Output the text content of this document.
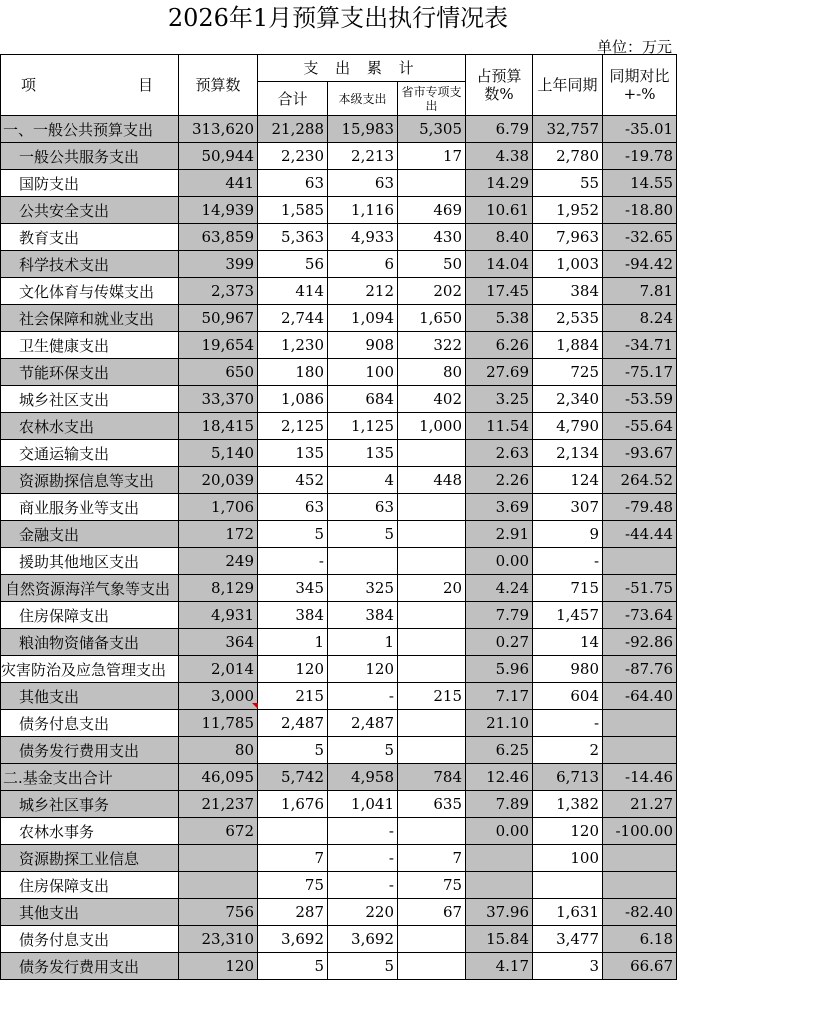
2026年1月预算支出执行情况表
单位：万元
项 目	预算数	支 出 累 计			占预算数%	上年同期	同期对比+-%
		合计	本级支出	省市专项支出			
一、一般公共预算支出	313,620	21,288	15,983	5,305	6.79	32,757	-35.01
一般公共服务支出	50,944	2,230	2,213	17	4.38	2,780	-19.78
国防支出	441	63	63		14.29	55	14.55
公共安全支出	14,939	1,585	1,116	469	10.61	1,952	-18.80
教育支出	63,859	5,363	4,933	430	8.40	7,963	-32.65
科学技术支出	399	56	6	50	14.04	1,003	-94.42
文化体育与传媒支出	2,373	414	212	202	17.45	384	7.81
社会保障和就业支出	50,967	2,744	1,094	1,650	5.38	2,535	8.24
卫生健康支出	19,654	1,230	908	322	6.26	1,884	-34.71
节能环保支出	650	180	100	80	27.69	725	-75.17
城乡社区支出	33,370	1,086	684	402	3.25	2,340	-53.59
农林水支出	18,415	2,125	1,125	1,000	11.54	4,790	-55.64
交通运输支出	5,140	135	135		2.63	2,134	-93.67
资源勘探信息等支出	20,039	452	4	448	2.26	124	264.52
商业服务业等支出	1,706	63	63		3.69	307	-79.48
金融支出	172	5	5		2.91	9	-44.44
援助其他地区支出	249	-			0.00	-	
自然资源海洋气象等支出	8,129	345	325	20	4.24	715	-51.75
住房保障支出	4,931	384	384		7.79	1,457	-73.64
粮油物资储备支出	364	1	1		0.27	14	-92.86
灾害防治及应急管理支出	2,014	120	120		5.96	980	-87.76
其他支出	3,000	215	-	215	7.17	604	-64.40
债务付息支出	11,785	2,487	2,487		21.10	-	
债务发行费用支出	80	5	5		6.25	2	
二.基金支出合计	46,095	5,742	4,958	784	12.46	6,713	-14.46
城乡社区事务	21,237	1,676	1,041	635	7.89	1,382	21.27
农林水事务	672		-		0.00	120	-100.00
资源勘探工业信息		7	-	7		100	
住房保障支出		75	-	75			
其他支出	756	287	220	67	37.96	1,631	-82.40
债务付息支出	23,310	3,692	3,692		15.84	3,477	6.18
债务发行费用支出	120	5	5		4.17	3	66.67
